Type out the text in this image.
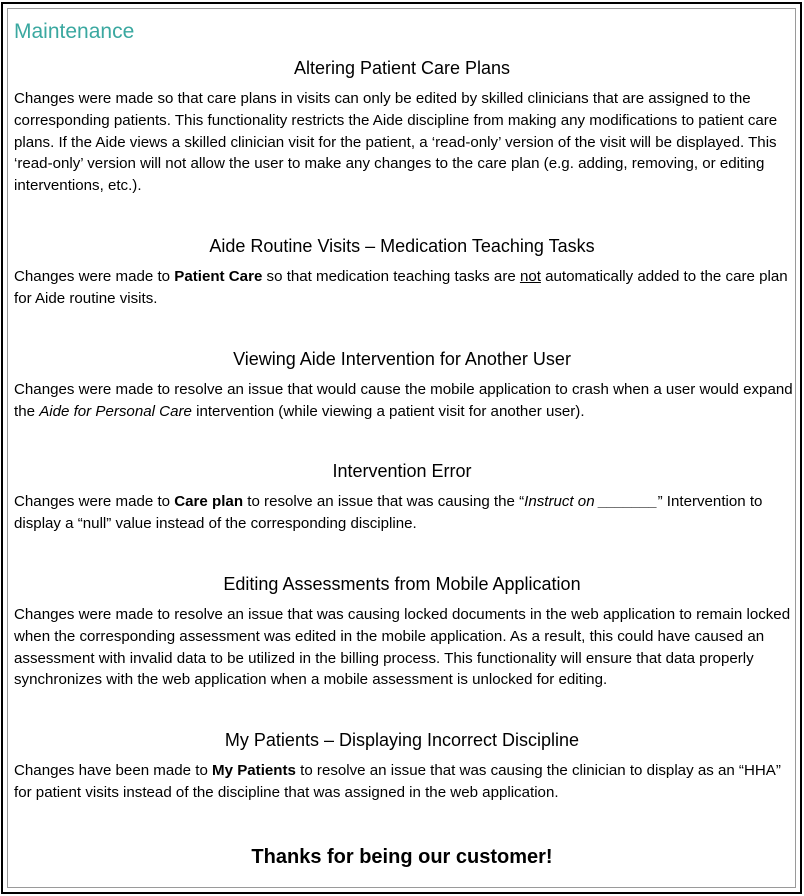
Maintenance
Altering Patient Care Plans

Changes were made so that care plans in visits can only be edited by skilled clinicians that are assigned to the corresponding patients. This functionality restricts the Aide discipline from making any modifications to patient care plans. If the Aide views a skilled clinician visit for the patient, a ‘read-only’ version of the visit will be displayed. This ‘read-only’ version will not allow the user to make any changes to the care plan (e.g. adding, removing, or editing interventions, etc.).

Aide Routine Visits – Medication Teaching Tasks

Changes were made to Patient Care so that medication teaching tasks are not automatically added to the care plan for Aide routine visits.

Viewing Aide Intervention for Another User

Changes were made to resolve an issue that would cause the mobile application to crash when a user would expand the Aide for Personal Care intervention (while viewing a patient visit for another user).

Intervention Error

Changes were made to Care plan to resolve an issue that was causing the “Instruct on _______” Intervention to display a “null” value instead of the corresponding discipline.

Editing Assessments from Mobile Application

Changes were made to resolve an issue that was causing locked documents in the web application to remain locked when the corresponding assessment was edited in the mobile application. As a result, this could have caused an assessment with invalid data to be utilized in the billing process. This functionality will ensure that data properly synchronizes with the web application when a mobile assessment is unlocked for editing.

My Patients – Displaying Incorrect Discipline

Changes have been made to My Patients to resolve an issue that was causing the clinician to display as an “HHA” for patient visits instead of the discipline that was assigned in the web application.

Thanks for being our customer!
